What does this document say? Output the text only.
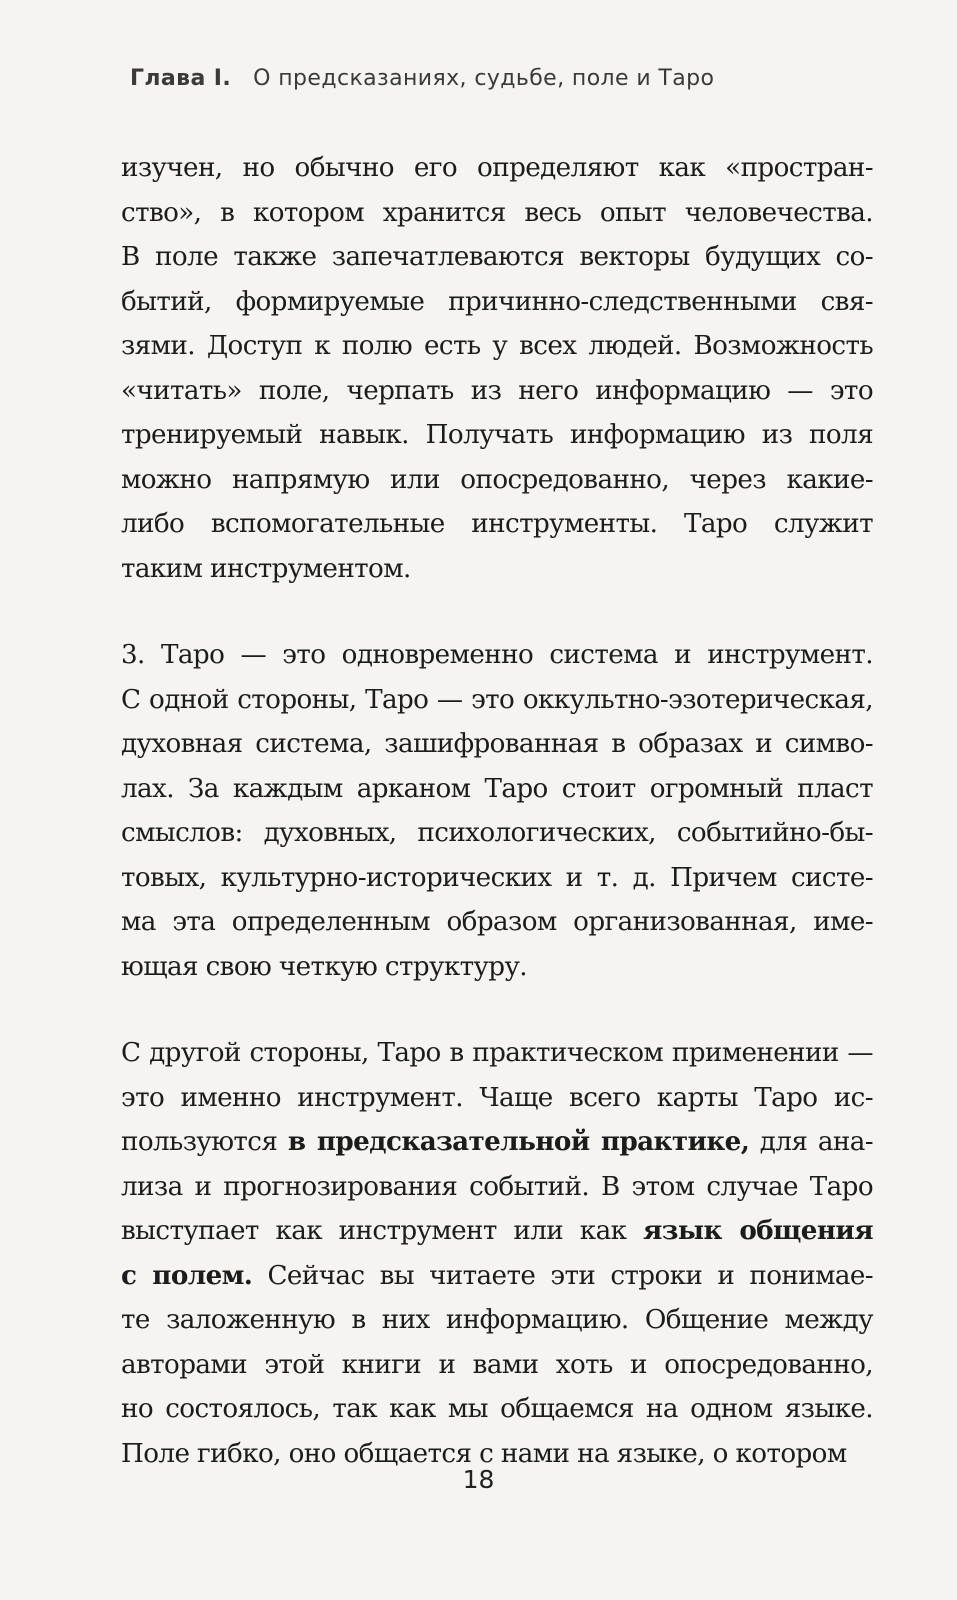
Глава I. О предсказаниях, судьбе, поле и Таро
изучен, но обычно его определяют как «простран-
ство», в котором хранится весь опыт человечества.
В поле также запечатлеваются векторы будущих со-
бытий, формируемые причинно-следственными свя-
зями. Доступ к полю есть у всех людей. Возможность
«читать» поле, черпать из него информацию — это
тренируемый навык. Получать информацию из поля
можно напрямую или опосредованно, через какие-
либо вспомогательные инструменты. Таро служит
таким инструментом.
3. Таро — это одновременно система и инструмент.
С одной стороны, Таро — это оккультно-эзотерическая,
духовная система, зашифрованная в образах и симво-
лах. За каждым арканом Таро стоит огромный пласт
смыслов: духовных, психологических, событийно-бы-
товых, культурно-исторических и т. д. Причем систе-
ма эта определенным образом организованная, име-
ющая свою четкую структуру.
С другой стороны, Таро в практическом применении —
это именно инструмент. Чаще всего карты Таро ис-
пользуются в предсказательной практике, для ана-
лиза и прогнозирования событий. В этом случае Таро
выступает как инструмент или как язык общения
с полем. Сейчас вы читаете эти строки и понимае-
те заложенную в них информацию. Общение между
авторами этой книги и вами хоть и опосредованно,
но состоялось, так как мы общаемся на одном языке.
Поле гибко, оно общается с нами на языке, о котором
18
